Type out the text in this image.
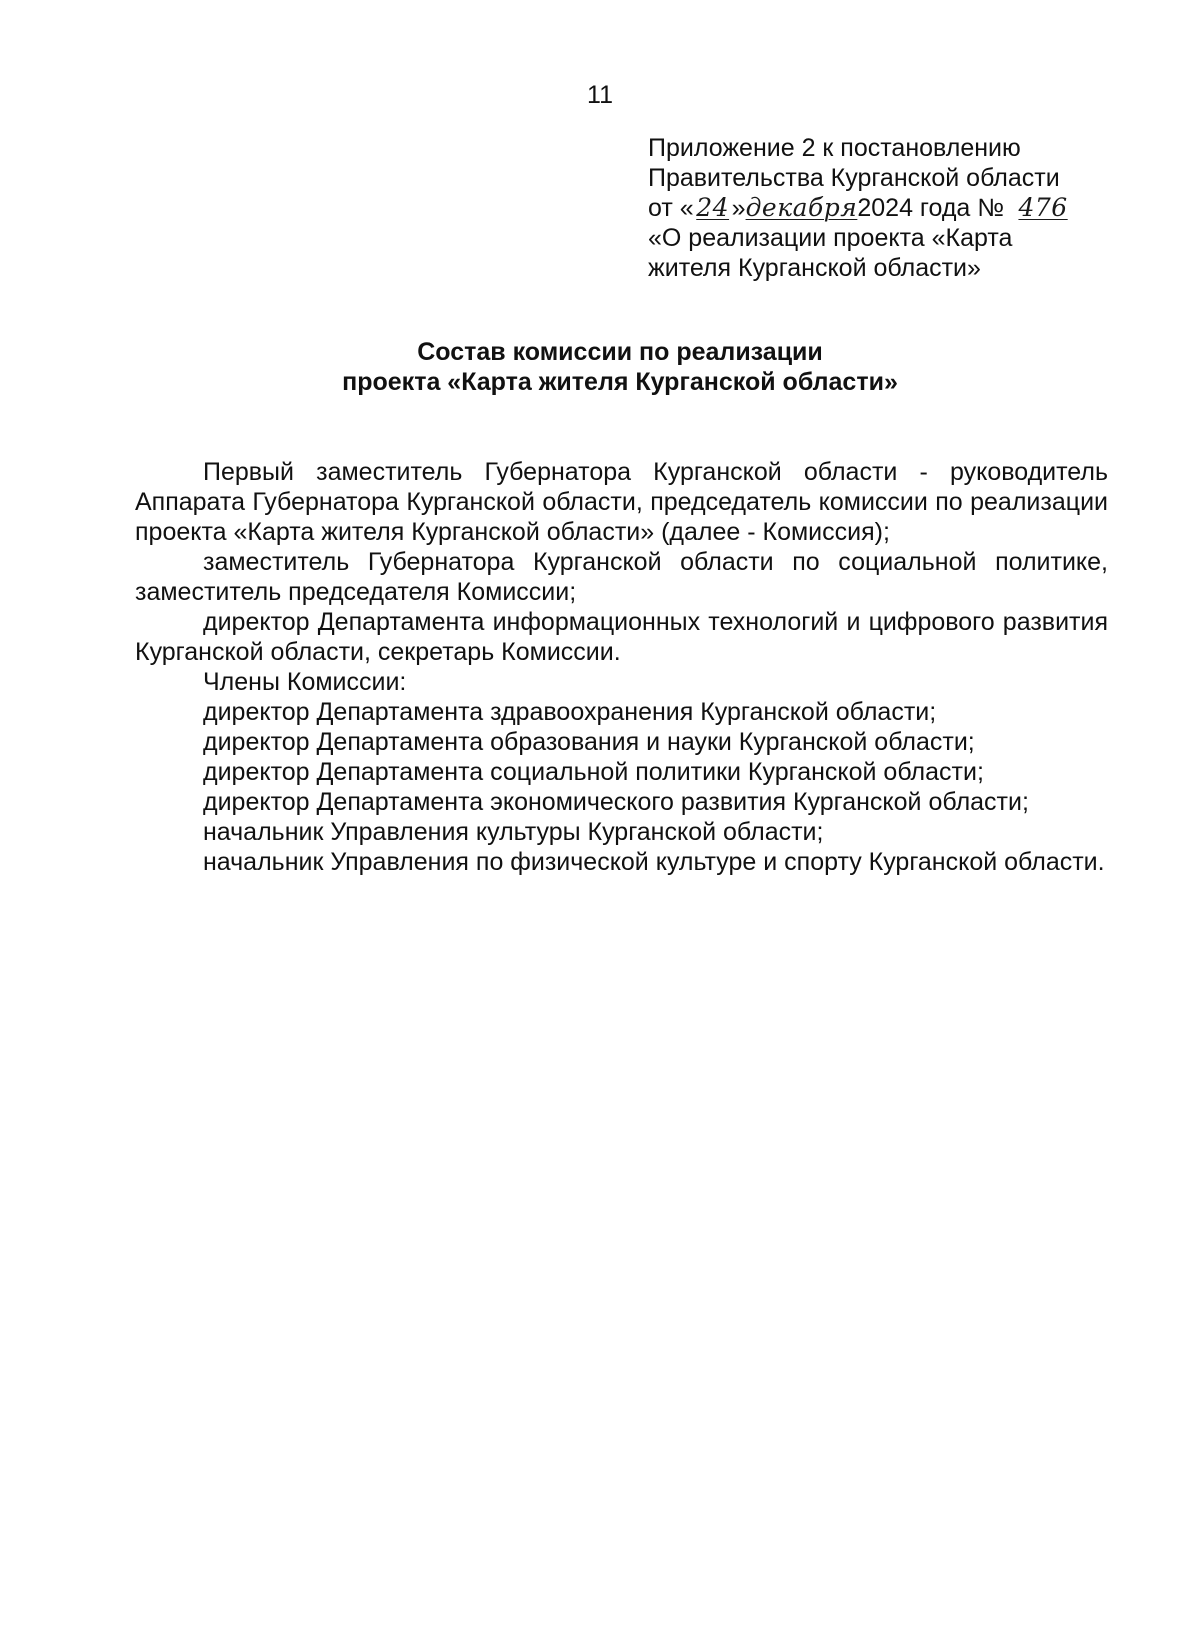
11
Приложение 2 к постановлению
Правительства Курганской области
от « 24 »декабря2024 года № 476
«О реализации проекта «Карта
жителя Курганской области»
Состав комиссии по реализации
проекта «Карта жителя Курганской области»

Первый заместитель Губернатора Курганской области - руководитель Аппарата Губернатора Курганской области, председатель комиссии по реализации проекта «Карта жителя Курганской области» (далее - Комиссия);

заместитель Губернатора Курганской области по социальной политике, заместитель председателя Комиссии;

директор Департамента информационных технологий и цифрового развития Курганской области, секретарь Комиссии.

Члены Комиссии:

директор Департамента здравоохранения Курганской области;

директор Департамента образования и науки Курганской области;

директор Департамента социальной политики Курганской области;

директор Департамента экономического развития Курганской области;

начальник Управления культуры Курганской области;

начальник Управления по физической культуре и спорту Курганской области.
